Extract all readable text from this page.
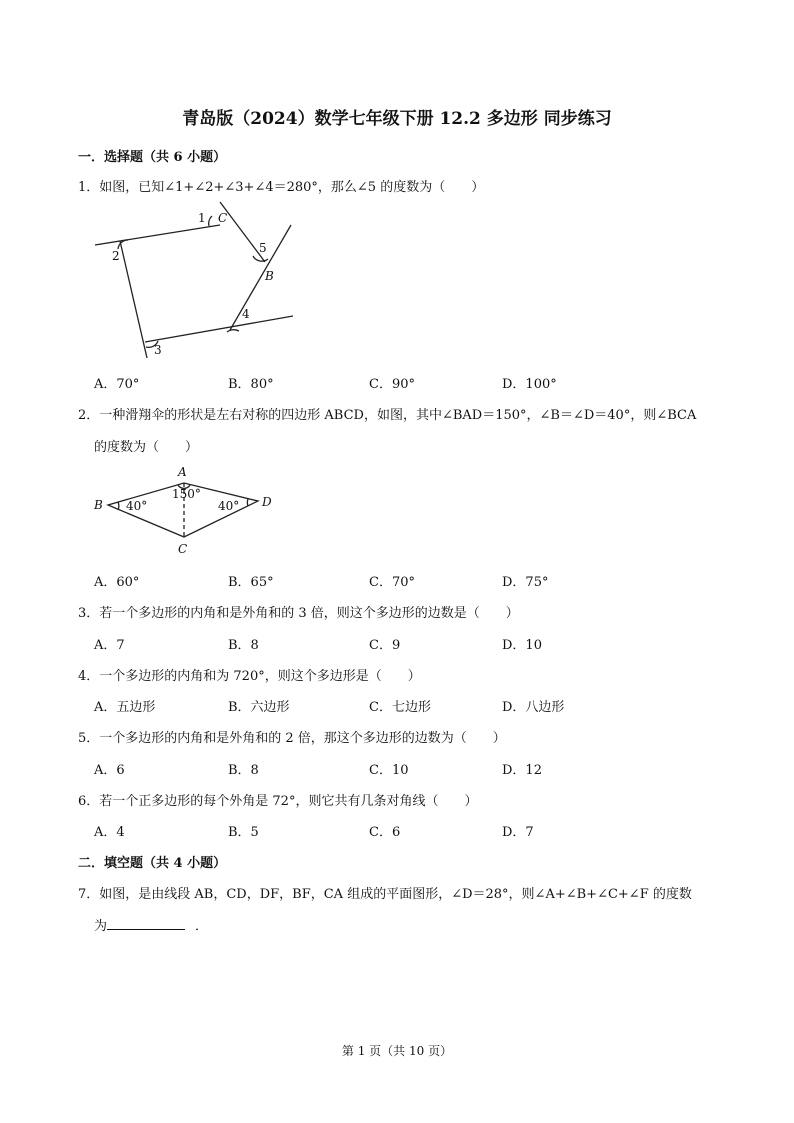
青岛版（2024）数学七年级下册 12.2 多边形 同步练习
一．选择题（共 6 小题）
1．如图，已知∠1+∠2+∠3+∠4＝280°，那么∠5 的度数为（　　）
1 C
2
3
4
5
B
A．70°	B．80°	C．90°	D．100°
2．一种滑翔伞的形状是左右对称的四边形 ABCD，如图，其中∠BAD＝150°，∠B＝∠D＝40°，则∠BCA
的度数为（　　）
A
B
C
D
150°
40°	40°
A．60°	B．65°	C．70°	D．75°
3．若一个多边形的内角和是外角和的 3 倍，则这个多边形的边数是（　　）
A．7	B．8	C．9	D．10
4．一个多边形的内角和为 720°，则这个多边形是（　　）
A．五边形	B．六边形	C．七边形	D．八边形
5．一个多边形的内角和是外角和的 2 倍，那这个多边形的边数为（　　）
A．6	B．8	C．10	D．12
6．若一个正多边形的每个外角是 72°，则它共有几条对角线（　　）
A．4	B．5	C．6	D．7
二．填空题（共 4 小题）
7．如图，是由线段 AB，CD，DF，BF，CA 组成的平面图形，∠D＝28°，则∠A+∠B+∠C+∠F 的度数
为	．
第 1 页（共 10 页）
